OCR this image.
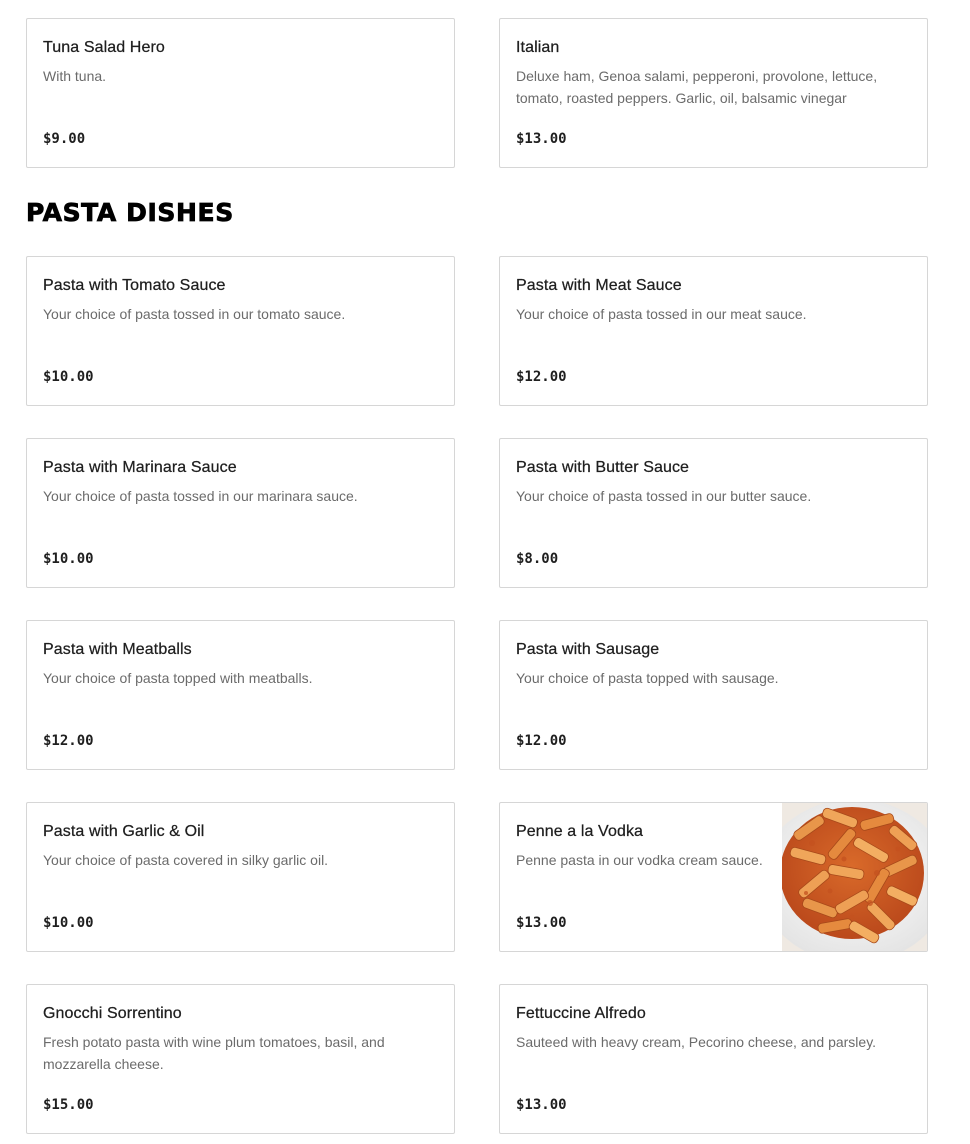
Tuna Salad Hero
With tuna.
$9.00
Italian
Deluxe ham, Genoa salami, pepperoni, provolone, lettuce, tomato, roasted peppers. Garlic, oil, balsamic vinegar
$13.00
PASTA DISHES
Pasta with Tomato Sauce
Your choice of pasta tossed in our tomato sauce.
$10.00
Pasta with Meat Sauce
Your choice of pasta tossed in our meat sauce.
$12.00
Pasta with Marinara Sauce
Your choice of pasta tossed in our marinara sauce.
$10.00
Pasta with Butter Sauce
Your choice of pasta tossed in our butter sauce.
$8.00
Pasta with Meatballs
Your choice of pasta topped with meatballs.
$12.00
Pasta with Sausage
Your choice of pasta topped with sausage.
$12.00
Pasta with Garlic & Oil
Your choice of pasta covered in silky garlic oil.
$10.00
Penne a la Vodka
Penne pasta in our vodka cream sauce.
$13.00
Gnocchi Sorrentino
Fresh potato pasta with wine plum tomatoes, basil, and mozzarella cheese.
$15.00
Fettuccine Alfredo
Sauteed with heavy cream, Pecorino cheese, and parsley.
$13.00
